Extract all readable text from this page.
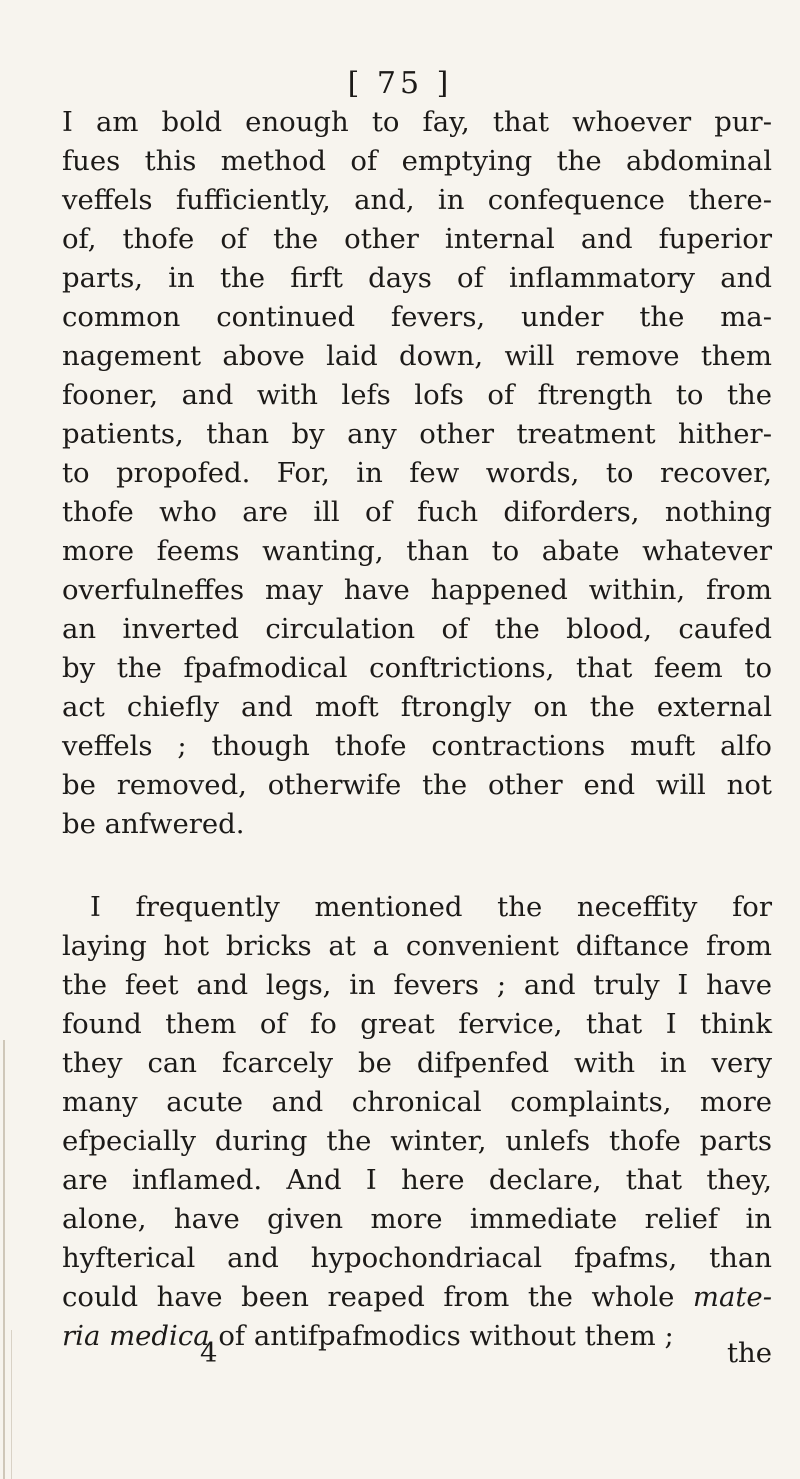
[ 75 ]
I am bold enough to fay, that whoever pur-
fues this method of emptying the abdominal
veffels fufficiently, and, in confequence there-
of, thofe of the other internal and fuperior
parts, in the firft days of inflammatory and
common continued fevers, under the ma-
nagement above laid down, will remove them
fooner, and with lefs lofs of ftrength to the
patients, than by any other treatment hither-
to propofed. For, in few words, to recover,
thofe who are ill of fuch diforders, nothing
more feems wanting, than to abate whatever
overfulneffes may have happened within, from
an inverted circulation of the blood, caufed
by the fpafmodical conftrictions, that feem to
act chiefly and moft ftrongly on the external
veffels ; though thofe contractions muft alfo
be removed, otherwife the other end will not
be anfwered.
I frequently mentioned the neceffity for
laying hot bricks at a convenient diftance from
the feet and legs, in fevers ; and truly I have
found them of fo great fervice, that I think
they can fcarcely be difpenfed with in very
many acute and chronical complaints, more
efpecially during the winter, unlefs thofe parts
are inflamed. And I here declare, that they,
alone, have given more immediate relief in
hyfterical and hypochondriacal fpafms, than
could have been reaped from the whole mate-
ria medica of antifpafmodics without them ;
4	the
